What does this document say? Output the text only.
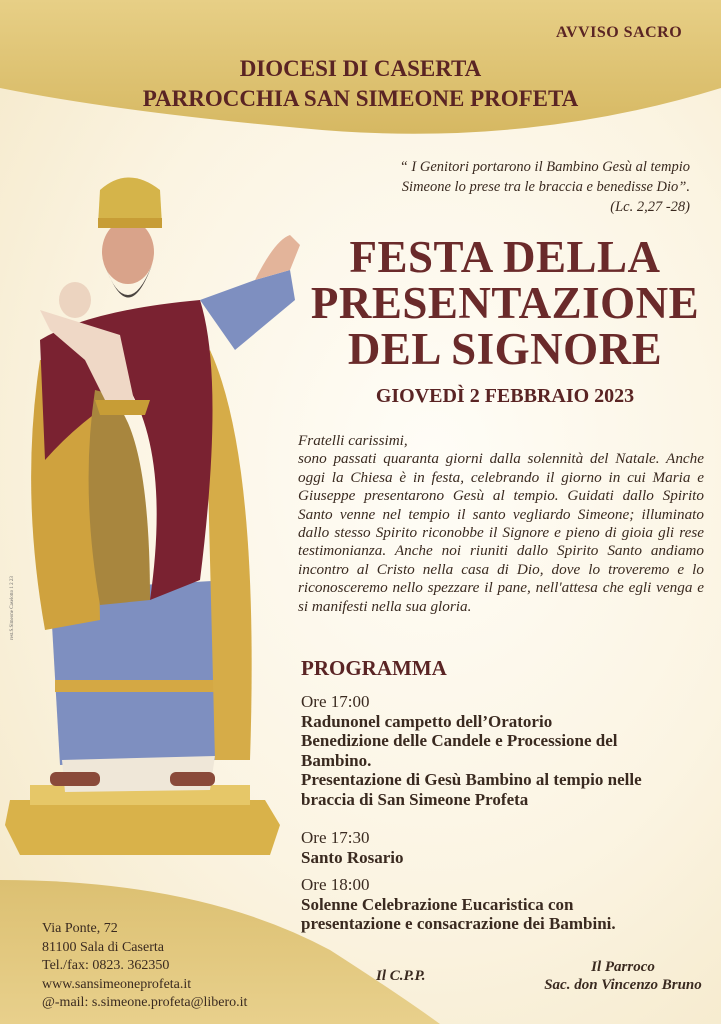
rest.S.Simeone Caselotto 1 2 23
AVVISO SACRO
DIOCESI DI CASERTA
PARROCCHIA SAN SIMEONE PROFETA
“ I Genitori portarono il Bambino Gesù al tempio
Simeone lo prese tra le braccia e benedisse Dio”.
(Lc. 2,27 -28)
FESTA DELLA
PRESENTAZIONE
DEL SIGNORE
GIOVEDÌ 2 FEBBRAIO 2023

Fratelli carissimi,

sono passati quaranta giorni dalla solennità del Natale. Anche oggi la Chiesa è in festa, celebrando il giorno in cui Maria e Giuseppe presentarono Gesù al tempio. Guidati dallo Spirito Santo venne nel tempio il santo vegliardo Simeone; illuminato dallo stesso Spirito riconobbe il Signore e pieno di gioia gli rese testimonianza. Anche noi riuniti dallo Spirito Santo andiamo incontro al Cristo nella casa di Dio, dove lo troveremo e lo riconosceremo nello spezzare il pane, nell'attesa che egli venga e si manifesti nella sua gloria.

PROGRAMMA
Ore 17:00
Radunonel campetto dell’Oratorio
Benedizione delle Candele e Processione del
Bambino.
Presentazione di Gesù Bambino al tempio nelle
braccia di San Simeone Profeta
Ore 17:30
Santo Rosario
Ore 18:00
Solenne Celebrazione Eucaristica con
presentazione e consacrazione dei Bambini.
Via Ponte, 72
81100 Sala di Caserta
Tel./fax: 0823. 362350
www.sansimeoneprofeta.it
@-mail: s.simeone.profeta@libero.it
Il C.P.P.
Il Parroco
Sac. don Vincenzo Bruno
